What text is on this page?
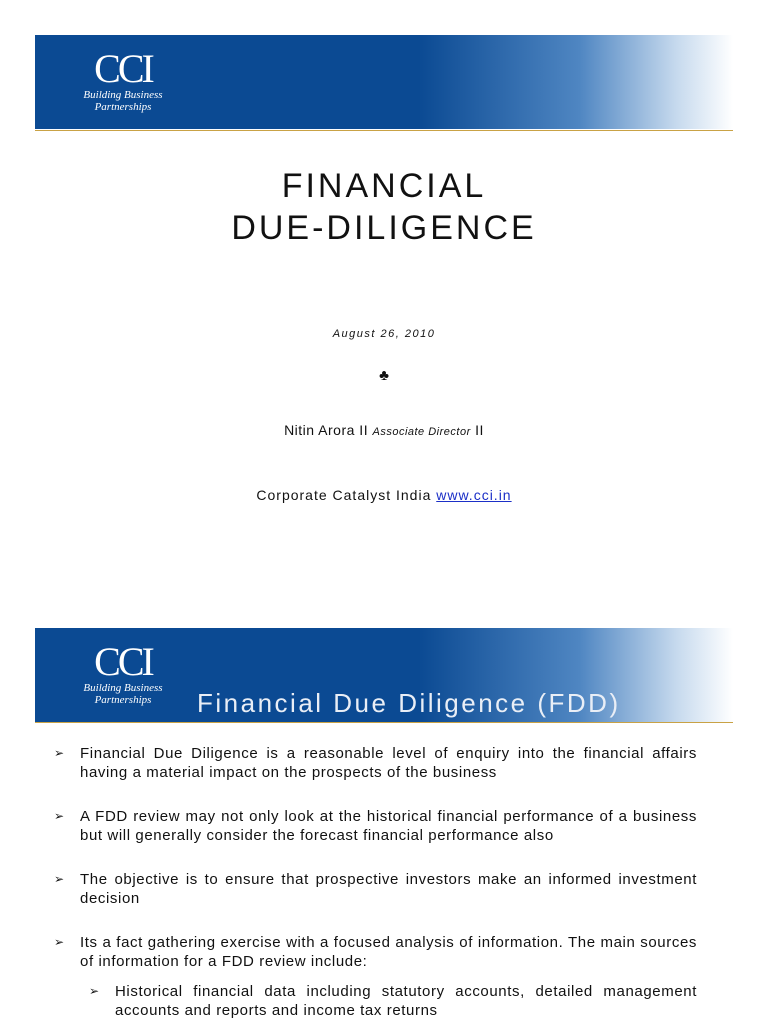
CCI
Building Business
Partnerships
FINANCIAL
DUE-DILIGENCE
August 26, 2010
♣
Nitin Arora II Associate Director II
Corporate Catalyst India www.cci.in
CCI
Building Business
Partnerships	Financial Due Diligence (FDD)
➢ Financial Due Diligence is a reasonable level of enquiry into the financial affairs having a material impact on the prospects of the business
➢ A FDD review may not only look at the historical financial performance of a business but will generally consider the forecast financial performance also
➢ The objective is to ensure that prospective investors make an informed investment decision
➢ Its a fact gathering exercise with a focused analysis of information. The main sources of information for a FDD review include:
➢ Historical financial data including statutory accounts, detailed management accounts and reports and income tax returns
